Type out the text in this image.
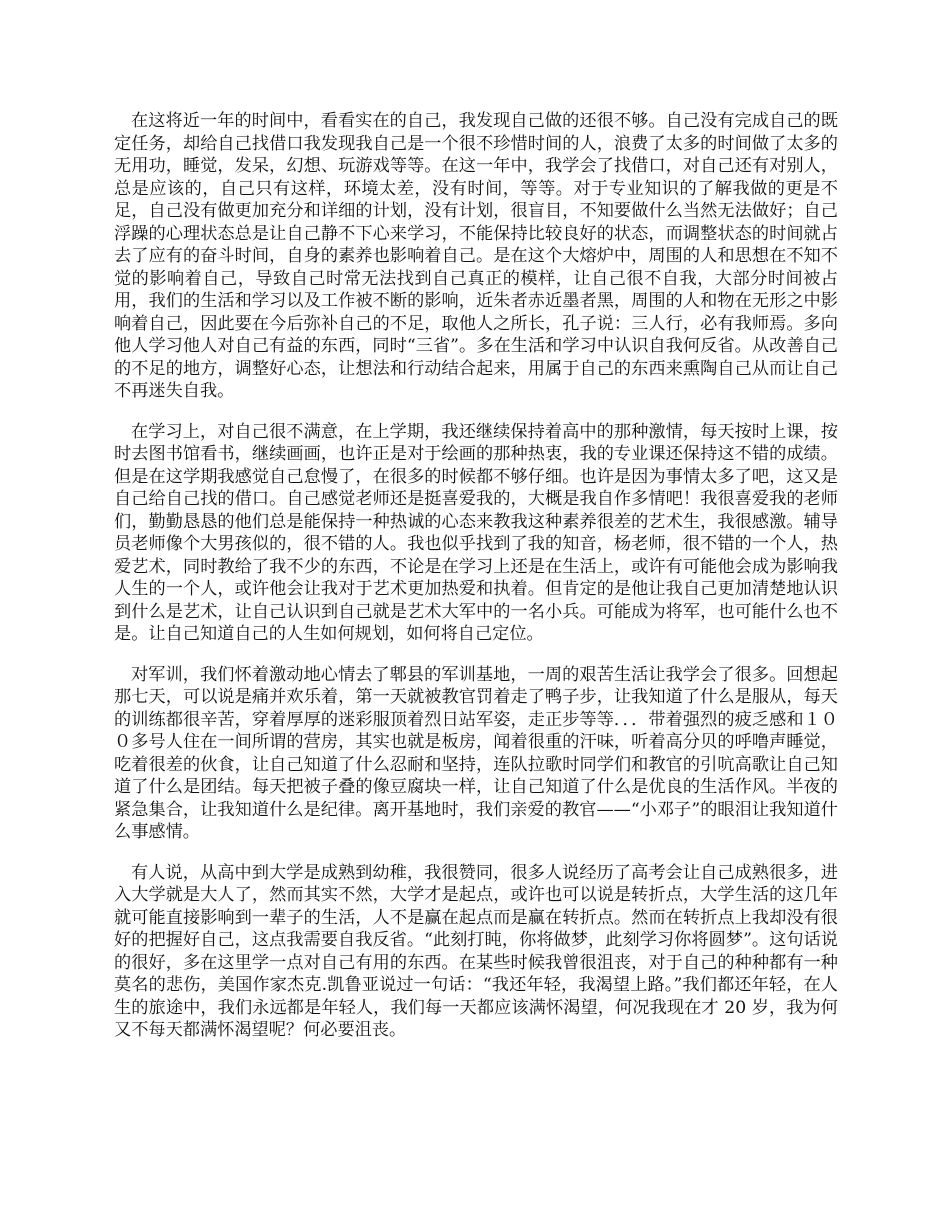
在这将近一年的时间中，看看实在的自己，我发现自己做的还很不够。自己没有完成自己的既定任务，却给自己找借口我发现我自己是一个很不珍惜时间的人，浪费了太多的时间做了太多的无用功，睡觉，发呆，幻想、玩游戏等等。在这一年中，我学会了找借口，对自己还有对别人，总是应该的，自己只有这样，环境太差，没有时间，等等。对于专业知识的了解我做的更是不足，自己没有做更加充分和详细的计划，没有计划，很盲目，不知要做什么当然无法做好；自己浮躁的心理状态总是让自己静不下心来学习，不能保持比较良好的状态，而调整状态的时间就占去了应有的奋斗时间，自身的素养也影响着自己。是在这个大熔炉中，周围的人和思想在不知不觉的影响着自己，导致自己时常无法找到自己真正的模样，让自己很不自我，大部分时间被占用，我们的生活和学习以及工作被不断的影响，近朱者赤近墨者黑，周围的人和物在无形之中影响着自己，因此要在今后弥补自己的不足，取他人之所长，孔子说：三人行，必有我师焉。多向他人学习他人对自己有益的东西，同时“三省”。多在生活和学习中认识自我何反省。从改善自己的不足的地方，调整好心态，让想法和行动结合起来，用属于自己的东西来熏陶自己从而让自己不再迷失自我。

在学习上，对自己很不满意，在上学期，我还继续保持着高中的那种激情，每天按时上课，按时去图书馆看书，继续画画，也许正是对于绘画的那种热衷，我的专业课还保持这不错的成绩。但是在这学期我感觉自己怠慢了，在很多的时候都不够仔细。也许是因为事情太多了吧，这又是自己给自己找的借口。自己感觉老师还是挺喜爱我的，大概是我自作多情吧！我很喜爱我的老师们，勤勤恳恳的他们总是能保持一种热诚的心态来教我这种素养很差的艺术生，我很感激。辅导员老师像个大男孩似的，很不错的人。我也似乎找到了我的知音，杨老师，很不错的一个人，热爱艺术，同时教给了我不少的东西，不论是在学习上还是在生活上，或许有可能他会成为影响我人生的一个人，或许他会让我对于艺术更加热爱和执着。但肯定的是他让我自己更加清楚地认识到什么是艺术，让自己认识到自己就是艺术大军中的一名小兵。可能成为将军，也可能什么也不是。让自己知道自己的人生如何规划，如何将自己定位。

对军训，我们怀着激动地心情去了郫县的军训基地，一周的艰苦生活让我学会了很多。回想起那七天，可以说是痛并欢乐着，第一天就被教官罚着走了鸭子步，让我知道了什么是服从，每天的训练都很辛苦，穿着厚厚的迷彩服顶着烈日站军姿，走正步等等．．．带着强烈的疲乏感和１００多号人住在一间所谓的营房，其实也就是板房，闻着很重的汗味，听着高分贝的呼噜声睡觉，吃着很差的伙食，让自己知道了什么忍耐和坚持，连队拉歌时同学们和教官的引吭高歌让自己知道了什么是团结。每天把被子叠的像豆腐块一样，让自己知道了什么是优良的生活作风。半夜的紧急集合，让我知道什么是纪律。离开基地时，我们亲爱的教官——“小邓子”的眼泪让我知道什么事感情。

有人说，从高中到大学是成熟到幼稚，我很赞同，很多人说经历了高考会让自己成熟很多，进入大学就是大人了，然而其实不然，大学才是起点，或许也可以说是转折点，大学生活的这几年就可能直接影响到一辈子的生活，人不是赢在起点而是赢在转折点。然而在转折点上我却没有很好的把握好自己，这点我需要自我反省。“此刻打盹，你将做梦，此刻学习你将圆梦”。这句话说的很好，多在这里学一点对自己有用的东西。在某些时候我曾很沮丧，对于自己的种种都有一种莫名的悲伤，美国作家杰克.凯鲁亚说过一句话：“我还年轻，我渴望上路。”我们都还年轻，在人生的旅途中，我们永远都是年轻人，我们每一天都应该满怀渴望，何况我现在才 20 岁，我为何又不每天都满怀渴望呢？何必要沮丧。
